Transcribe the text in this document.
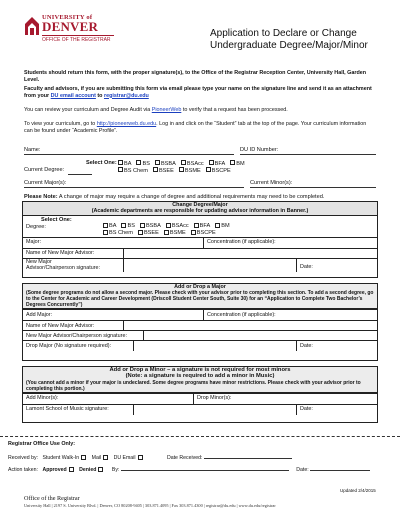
UNIVERSITY of
DENVER
OFFICE OF THE REGISTRAR
Application to Declare or Change
Undergraduate Degree/Major/Minor
Students should return this form, with the proper signature(s), to the Office of the Registrar Reception Center, University Hall, Garden Level.
Faculty and advisors, if you are submitting this form via email please type your name on the signature line and send it as an attachment from your DU email account to registrar@du.edu
You can review your curriculum and Degree Audit via PioneerWeb to verify that a request has been processed.
To view your curriculum, go to http://pioneerweb.du.edu. Log in and click on the “Student” tab at the top of the page. Your curriculum information can be found under “Academic Profile”.
Name:	DU ID Number:
Current Degree:
Select One:	BA BS BSBA BSAcc BFA BM
BS Chem BSEE BSME BSCPE
Current Major(s):	Current Minor(s):
Please Note: A change of major may require a change of degree and additional requirements may need to be completed.
Change Degree/Major
(Academic departments are responsible for updating advisor information in Banner.)
Degree:
Select One:
BA BS BSBA BSAcc BFA BM
BS Chem BSEE BSME BSCPE
Major:	Concentration (if applicable):
Name of New Major Advisor:
New Major
Advisor/Chairperson signature:	Date:
Add or Drop a Major
(Some degree programs do not allow a second major. Please check with your advisor prior to completing this section. To add a second degree, go to the Center for Academic and Career Development (Driscoll Student Center South, Suite 30) for an “Application to Complete Two Bachelor’s Degrees Concurrently”)
Add Major:	Concentration (if applicable):
Name of New Major Advisor:
New Major Advisor/Chairperson signature:
Drop Major (No signature required):	Date:
Add or Drop a Minor – a signature is not required for most minors
(Note: a signature is required to add a minor in Music)
(You cannot add a minor if your major is undeclared. Some degree programs have minor restrictions. Please check with your advisor prior to completing this portion.)
Add Minor(s):	Drop Minor(s):
Lamont School of Music signature:	Date:
Registrar Office Use Only:
Received by: Student Walk-In Mail DU Email	Date Received:
Action taken: Approved Denied	By:	Date:
Updated 2/4/2015
Office of the Registrar
University Hall | 2197 S. University Blvd. | Denver, CO 80208-9405 | 303.871.4095 | Fax 303.871.4300 | registrar@du.edu | www.du.edu/registrar
